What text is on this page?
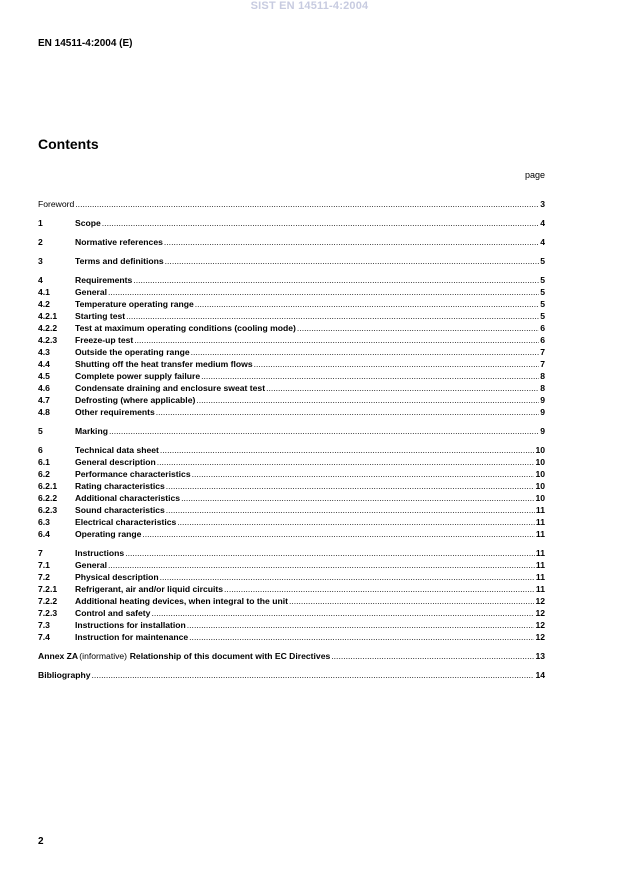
SIST EN 14511-4:2004
EN 14511-4:2004 (E)
Contents
page
Foreword .....	3
1	Scope .....	4
2	Normative references .....	4
3	Terms and definitions .....	5
4	Requirements .....	5
4.1	General .....	5
4.2	Temperature operating range .....	5
4.2.1	Starting test .....	5
4.2.2	Test at maximum operating conditions (cooling mode) .....	6
4.2.3	Freeze-up test .....	6
4.3	Outside the operating range .....	7
4.4	Shutting off the heat transfer medium flows .....	7
4.5	Complete power supply failure .....	8
4.6	Condensate draining and enclosure sweat test .....	8
4.7	Defrosting (where applicable) .....	9
4.8	Other requirements .....	9
5	Marking .....	9
6	Technical data sheet .....	10
6.1	General description .....	10
6.2	Performance characteristics .....	10
6.2.1	Rating characteristics .....	10
6.2.2	Additional characteristics .....	10
6.2.3	Sound characteristics .....	11
6.3	Electrical characteristics .....	11
6.4	Operating range .....	11
7	Instructions .....	11
7.1	General .....	11
7.2	Physical description .....	11
7.2.1	Refrigerant, air and/or liquid circuits .....	11
7.2.2	Additional heating devices, when integral to the unit .....	12
7.2.3	Control and safety .....	12
7.3	Instructions for installation .....	12
7.4	Instruction for maintenance .....	12
Annex ZA (informative) Relationship of this document with EC Directives .....	13
Bibliography .....	14
2
